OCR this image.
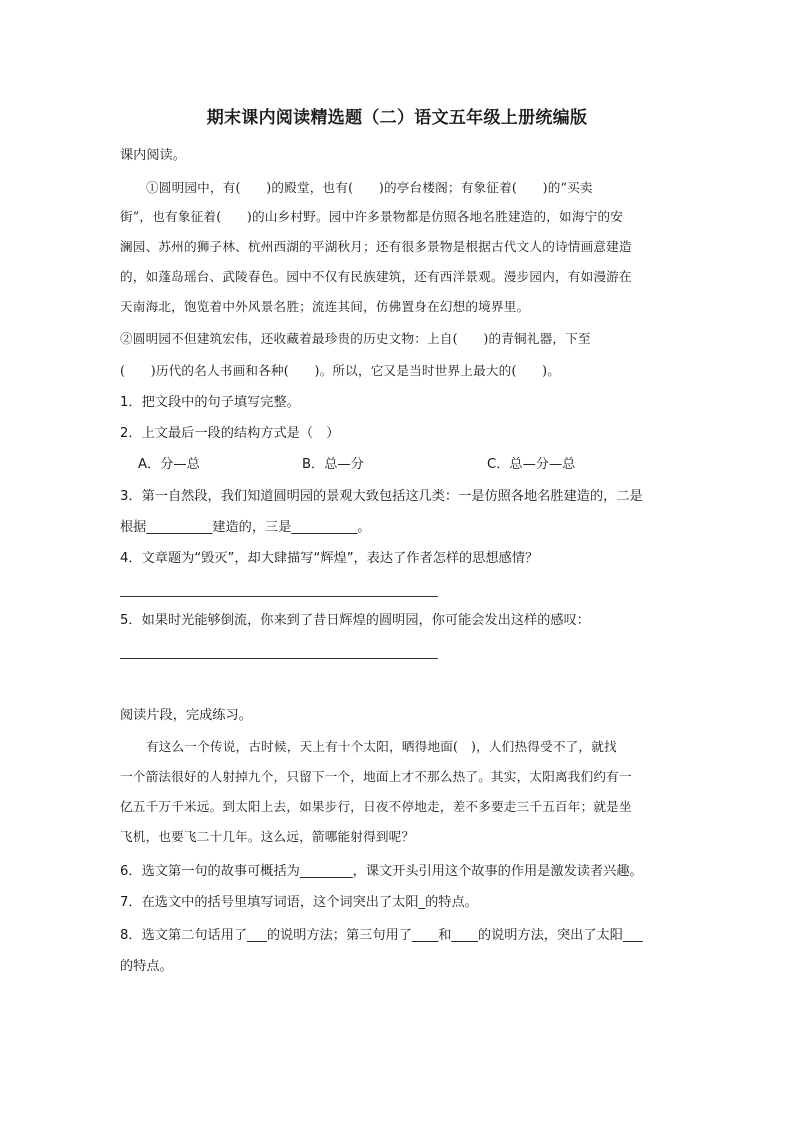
期末课内阅读精选题（二）语文五年级上册统编版
课内阅读。
①圆明园中，有(　　)的殿堂，也有(　　)的亭台楼阁；有象征着(　　)的“买卖
街”，也有象征着(　　)的山乡村野。园中许多景物都是仿照各地名胜建造的，如海宁的安
澜园、苏州的狮子林、杭州西湖的平湖秋月；还有很多景物是根据古代文人的诗情画意建造
的，如蓬岛瑶台、武陵春色。园中不仅有民族建筑，还有西洋景观。漫步园内，有如漫游在
天南海北，饱览着中外风景名胜；流连其间，仿佛置身在幻想的境界里。
②圆明园不但建筑宏伟，还收藏着最珍贵的历史文物：上自(　　)的青铜礼器，下至
(　　)历代的名人书画和各种(　　)。所以，它又是当时世界上最大的(　　)。
1．把文段中的句子填写完整。
2．上文最后一段的结构方式是（　）
A．分—总	B．总—分	C．总—分—总
3．第一自然段，我们知道圆明园的景观大致包括这几类：一是仿照各地名胜建造的，二是
根据__________建造的，三是__________。
4．文章题为“毁灭”，却大肆描写“辉煌”，表达了作者怎样的思想感情？
5．如果时光能够倒流，你来到了昔日辉煌的圆明园，你可能会发出这样的感叹：
阅读片段，完成练习。
有这么一个传说，古时候，天上有十个太阳，晒得地面(　)，人们热得受不了，就找
一个箭法很好的人射掉九个，只留下一个，地面上才不那么热了。其实，太阳离我们约有一
亿五千万千米远。到太阳上去，如果步行，日夜不停地走，差不多要走三千五百年；就是坐
飞机，也要飞二十几年。这么远，箭哪能射得到呢？
6．选文第一句的故事可概括为________，课文开头引用这个故事的作用是激发读者兴趣。
7．在选文中的括号里填写词语，这个词突出了太阳_的特点。
8．选文第二句话用了___的说明方法；第三句用了____和____的说明方法，突出了太阳___
的特点。
